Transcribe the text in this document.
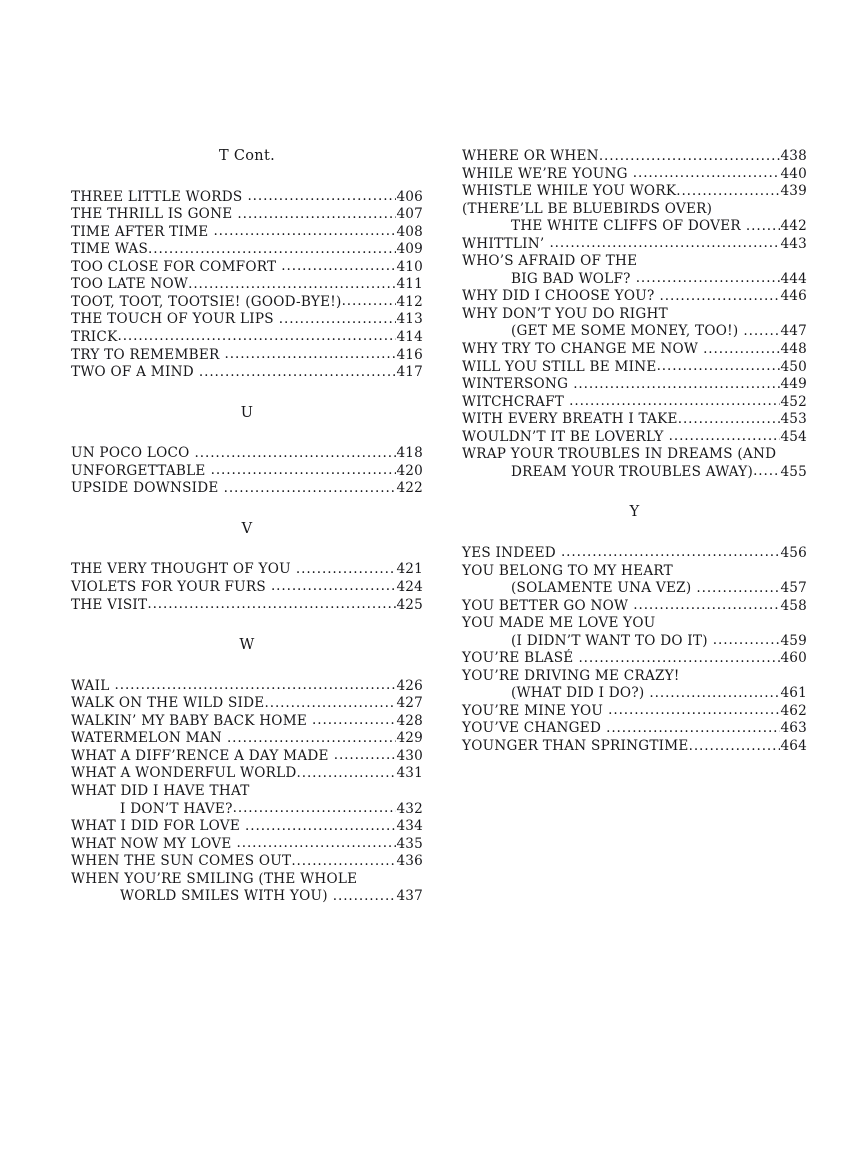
T Cont.
THREE LITTLE WORDS .....	406
THE THRILL IS GONE .....	407
TIME AFTER TIME .....	408
TIME WAS .....	409
TOO CLOSE FOR COMFORT .....	410
TOO LATE NOW .....	411
TOOT, TOOT, TOOTSIE! (GOOD-BYE!) .....	412
THE TOUCH OF YOUR LIPS .....	413
TRICK .....	414
TRY TO REMEMBER .....	416
TWO OF A MIND .....	417
U
UN POCO LOCO .....	418
UNFORGETTABLE .....	420
UPSIDE DOWNSIDE .....	422
V
THE VERY THOUGHT OF YOU .....	421
VIOLETS FOR YOUR FURS .....	424
THE VISIT .....	425
W
WAIL .....	426
WALK ON THE WILD SIDE .....	427
WALKIN’ MY BABY BACK HOME .....	428
WATERMELON MAN .....	429
WHAT A DIFF’RENCE A DAY MADE .....	430
WHAT A WONDERFUL WORLD .....	431
WHAT DID I HAVE THAT
I DON’T HAVE? .....	432
WHAT I DID FOR LOVE .....	434
WHAT NOW MY LOVE .....	435
WHEN THE SUN COMES OUT .....	436
WHEN YOU’RE SMILING (THE WHOLE
WORLD SMILES WITH YOU) .....	437
WHERE OR WHEN .....	438
WHILE WE’RE YOUNG .....	440
WHISTLE WHILE YOU WORK .....	439
(THERE’LL BE BLUEBIRDS OVER)
THE WHITE CLIFFS OF DOVER .....	442
WHITTLIN’ .....	443
WHO’S AFRAID OF THE
BIG BAD WOLF? .....	444
WHY DID I CHOOSE YOU? .....	446
WHY DON’T YOU DO RIGHT
(GET ME SOME MONEY, TOO!) .....	447
WHY TRY TO CHANGE ME NOW .....	448
WILL YOU STILL BE MINE .....	450
WINTERSONG .....	449
WITCHCRAFT .....	452
WITH EVERY BREATH I TAKE .....	453
WOULDN’T IT BE LOVERLY .....	454
WRAP YOUR TROUBLES IN DREAMS (AND
DREAM YOUR TROUBLES AWAY) ..... 455
Y
YES INDEED .....	456
YOU BELONG TO MY HEART
(SOLAMENTE UNA VEZ) .....	457
YOU BETTER GO NOW .....	458
YOU MADE ME LOVE YOU
(I DIDN’T WANT TO DO IT) .....	459
YOU’RE BLASÉ .....	460
YOU’RE DRIVING ME CRAZY!
(WHAT DID I DO?) .....	461
YOU’RE MINE YOU .....	462
YOU’VE CHANGED .....	463
YOUNGER THAN SPRINGTIME .....	464
